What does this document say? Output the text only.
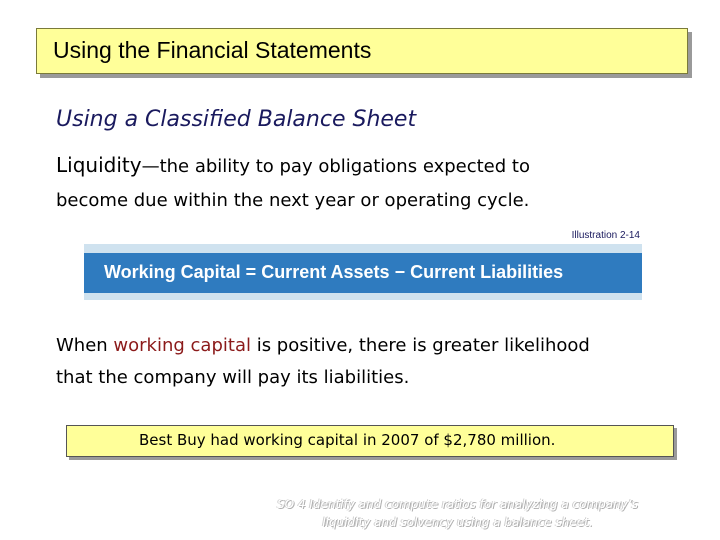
Using the Financial Statements
Using a Classified Balance Sheet
Liquidity—the ability to pay obligations expected to
become due within the next year or operating cycle.
Illustration 2-14
Working Capital = Current Assets − Current Liabilities
When working capital is positive, there is greater likelihood
that the company will pay its liabilities.
Best Buy had working capital in 2007 of $2,780 million.
SO 4 Identify and compute ratios for analyzing a company’s
liquidity and solvency using a balance sheet.
